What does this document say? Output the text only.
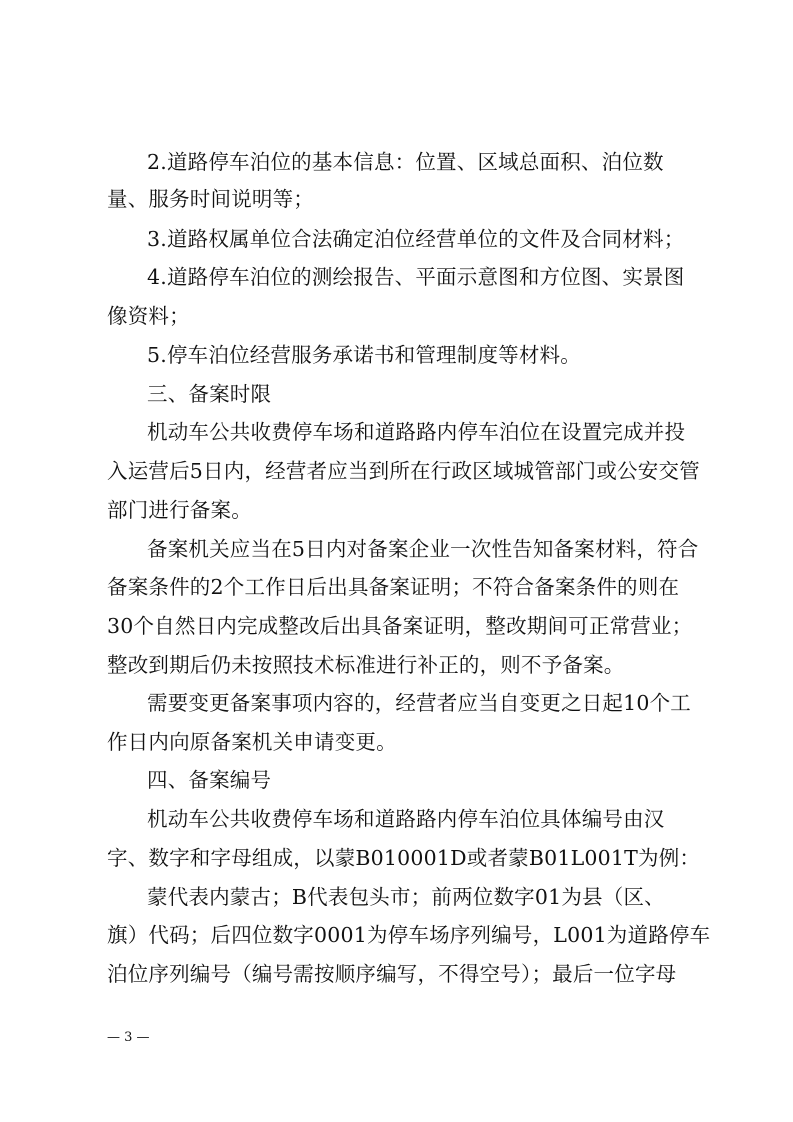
2.道路停车泊位的基本信息：位置、区域总面积、泊位数
量、服务时间说明等；
3.道路权属单位合法确定泊位经营单位的文件及合同材料；
4.道路停车泊位的测绘报告、平面示意图和方位图、实景图
像资料；
5.停车泊位经营服务承诺书和管理制度等材料。
三、备案时限
机动车公共收费停车场和道路路内停车泊位在设置完成并投
入运营后5日内，经营者应当到所在行政区域城管部门或公安交管
部门进行备案。
备案机关应当在5日内对备案企业一次性告知备案材料，符合
备案条件的2个工作日后出具备案证明；不符合备案条件的则在
30个自然日内完成整改后出具备案证明，整改期间可正常营业；
整改到期后仍未按照技术标准进行补正的，则不予备案。
需要变更备案事项内容的，经营者应当自变更之日起10个工
作日内向原备案机关申请变更。
四、备案编号
机动车公共收费停车场和道路路内停车泊位具体编号由汉
字、数字和字母组成，以蒙B010001D或者蒙B01L001T为例：
蒙代表内蒙古；B代表包头市；前两位数字01为县（区、
旗）代码；后四位数字0001为停车场序列编号，L001为道路停车
泊位序列编号（编号需按顺序编写，不得空号）；最后一位字母
— 3 —
